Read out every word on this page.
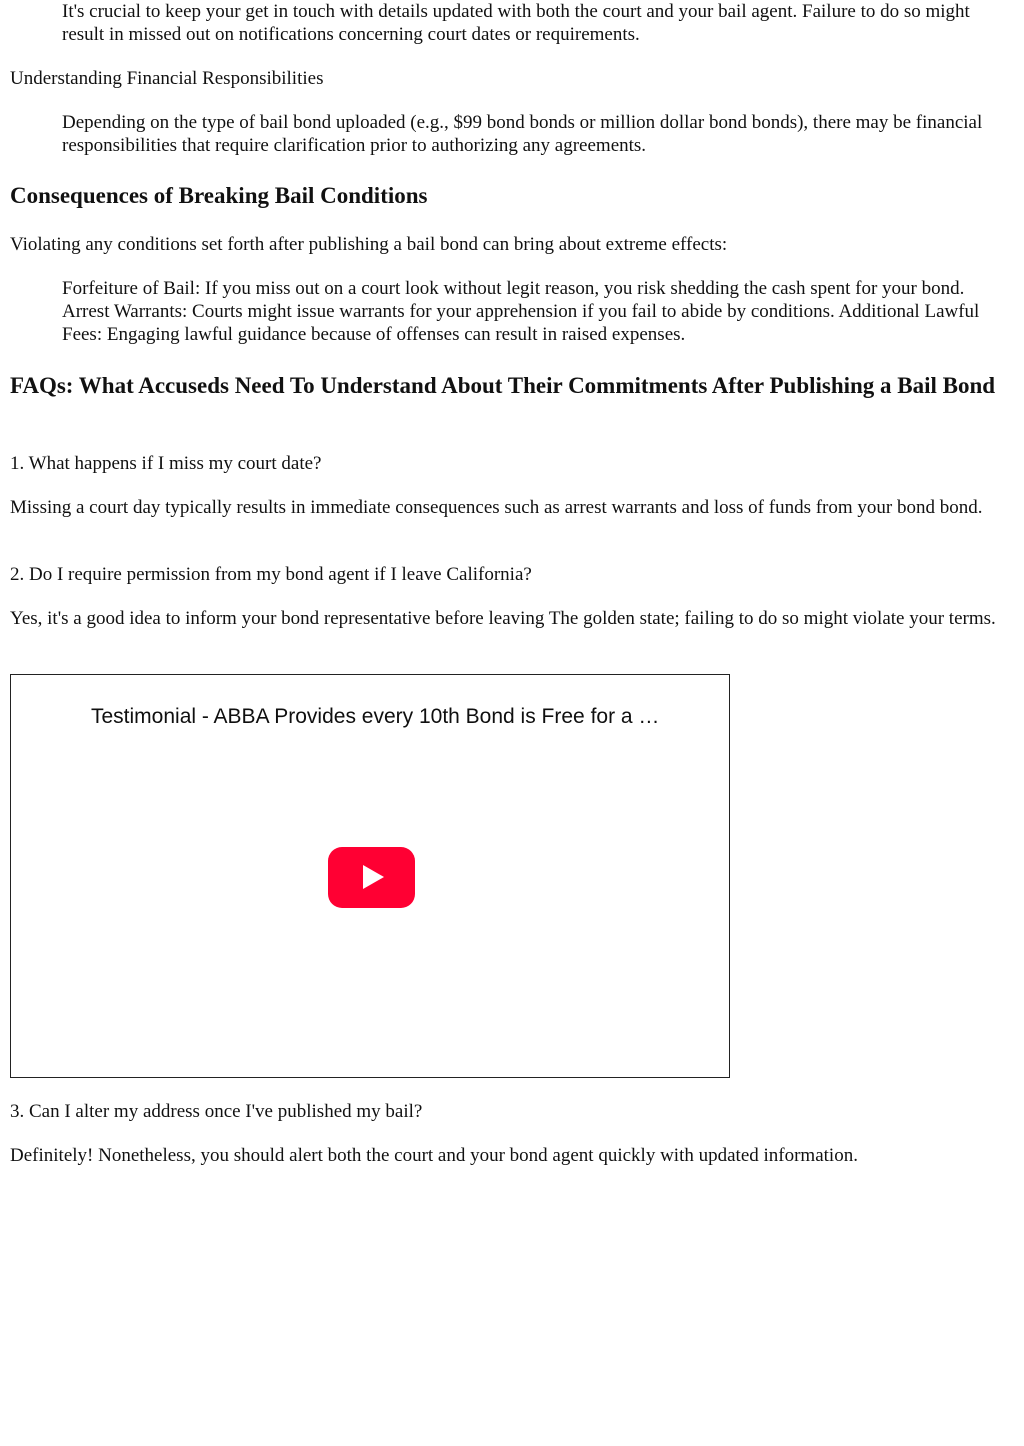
It's crucial to keep your get in touch with details updated with both the court and your bail agent. Failure to do so might result in missed out on notifications concerning court dates or requirements.

Understanding Financial Responsibilities

Depending on the type of bail bond uploaded (e.g., $99 bond bonds or million dollar bond bonds), there may be financial responsibilities that require clarification prior to authorizing any agreements.

Consequences of Breaking Bail Conditions

Violating any conditions set forth after publishing a bail bond can bring about extreme effects:

Forfeiture of Bail: If you miss out on a court look without legit reason, you risk shedding the cash spent for your bond. Arrest Warrants: Courts might issue warrants for your apprehension if you fail to abide by conditions. Additional Lawful Fees: Engaging lawful guidance because of offenses can result in raised expenses.

FAQs: What Accuseds Need To Understand About Their Commitments After Publishing a Bail Bond

1. What happens if I miss my court date?

Missing a court day typically results in immediate consequences such as arrest warrants and loss of funds from your bond bond.

2. Do I require permission from my bond agent if I leave California?

Yes, it's a good idea to inform your bond representative before leaving The golden state; failing to do so might violate your terms.

Testimonial - ABBA Provides every 10th Bond is Free for a …

3. Can I alter my address once I've published my bail?

Definitely! Nonetheless, you should alert both the court and your bond agent quickly with updated information.
